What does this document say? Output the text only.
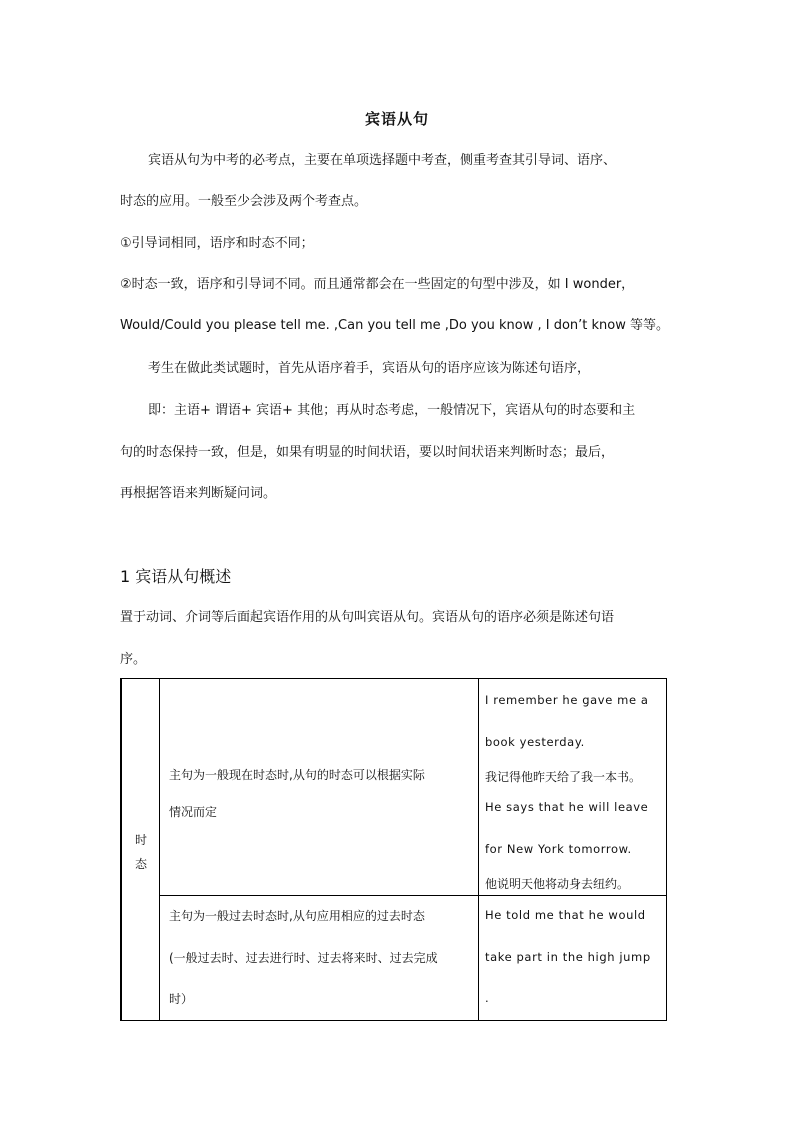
宾语从句
宾语从句为中考的必考点，主要在单项选择题中考查，侧重考查其引导词、语序、
时态的应用。一般至少会涉及两个考查点。
①引导词相同，语序和时态不同；
②时态一致，语序和引导词不同。而且通常都会在一些固定的句型中涉及，如 I wonder，
Would/Could you please tell me. ,Can you tell me ,Do you know , I don’t know 等等。
考生在做此类试题时，首先从语序着手，宾语从句的语序应该为陈述句语序，
即：主语+ 谓语+ 宾语+ 其他；再从时态考虑，一般情况下，宾语从句的时态要和主
句的时态保持一致，但是，如果有明显的时间状语，要以时间状语来判断时态；最后，
再根据答语来判断疑问词。
1 宾语从句概述
置于动词、介词等后面起宾语作用的从句叫宾语从句。宾语从句的语序必须是陈述句语
序。
时
态
主句为一般现在时态时,从句的时态可以根据实际
情况而定
I remember he gave me a
book yesterday.
我记得他昨天给了我一本书。
He says that he will leave
for New York tomorrow.
他说明天他将动身去纽约。
主句为一般过去时态时,从句应用相应的过去时态
(一般过去时、过去进行时、过去将来时、过去完成
时）
He told me that he would
take part in the high jump
.
